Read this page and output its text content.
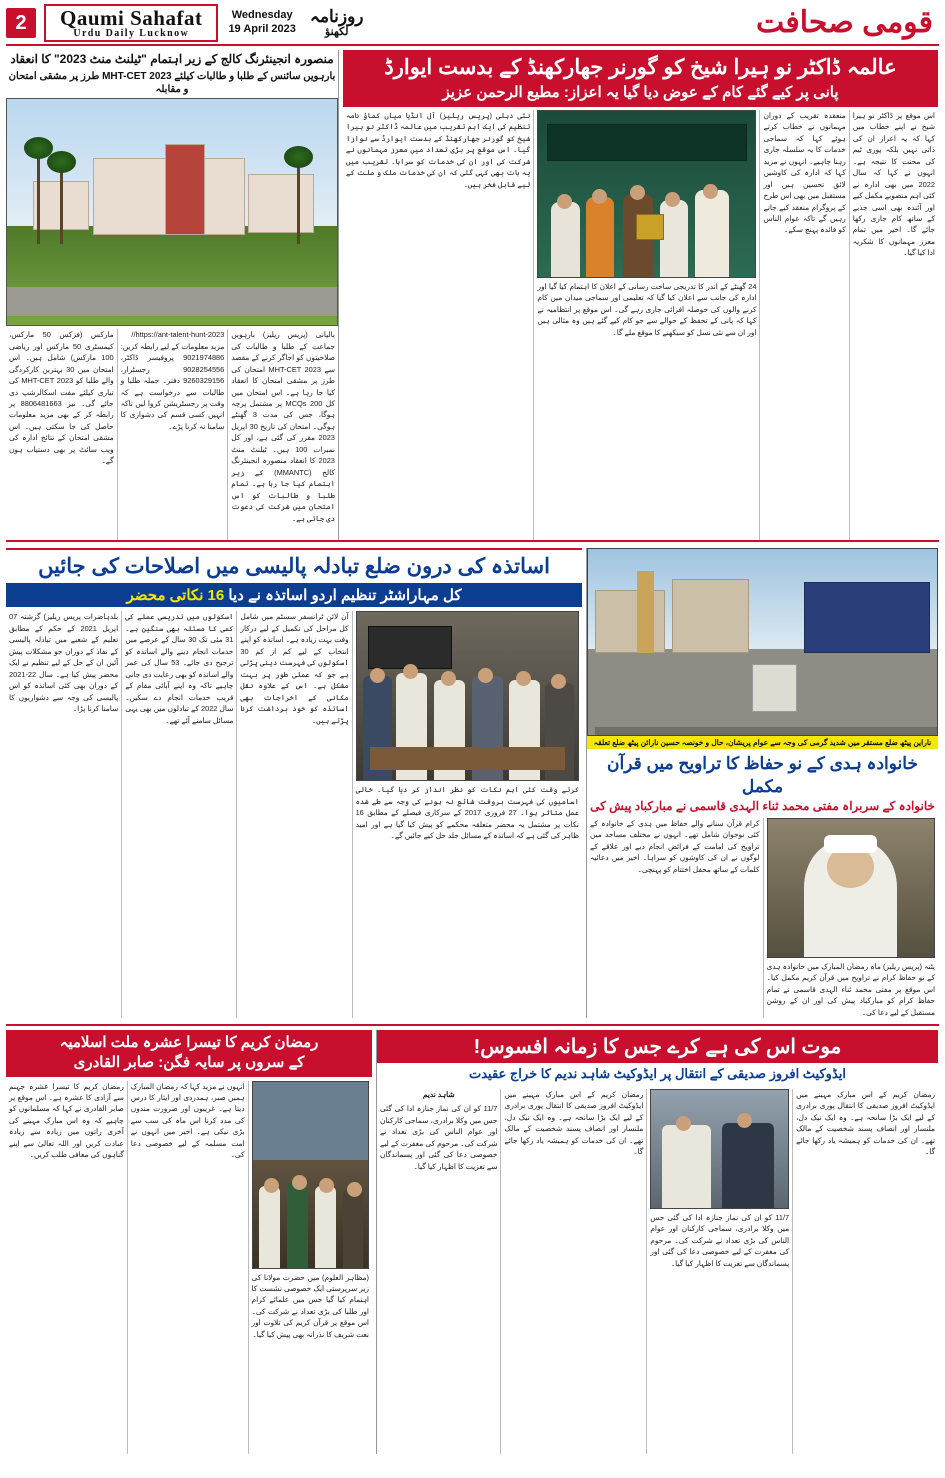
2	Qaumi Sahafat
Urdu Daily Lucknow
Wednesday
19 April 2023
روزنامہ
لکھنؤ	قومی صحافت
منصورہ انجینئرنگ کالج کے زیر اہتمام "ٹیلنٹ منٹ 2023" کا انعقاد
بارہویں سائنس کے طلبا و طالبات کیلئے MHT-CET 2023 طرز پر مشقی امتحان و مقابلہ
مارکس (فزکس 50 مارکس، کیمسٹری 50 مارکس اور ریاضی 100 مارکس) شامل ہیں۔ اس امتحان میں 30 بہترین کارکردگی والے طلبا کو MHT-CET 2023 کی تیاری کیلئے مفت اسکالرشپ دی جائے گی۔ نیز 8806481663 پر رابطہ کر کے بھی مزید معلومات حاصل کی جا سکتی ہیں۔ اس مشقی امتحان کے نتائج ادارہ کی ویب سائٹ پر بھی دستیاب ہوں گے۔
https://ant-talent-hunt-2023// مزید معلومات کے لیے رابطہ کریں: 9021974886 پروفیسر ڈاکٹر، 9028254556 رجسٹرار، 9260329156 دفتر۔ جملہ طلبا و طالبات سے درخواست ہے کہ وقت پر رجسٹریشن کروا لیں تاکہ انہیں کسی قسم کی دشواری کا سامنا نہ کرنا پڑے۔
بالیانی (پریس ریلیز) بارہویں جماعت کے طلبا و طالبات کی صلاحیتوں کو اجاگر کرنے کے مقصد سے MHT-CET 2023 امتحان کی طرز پر مشقی امتحان کا انعقاد کیا جا رہا ہے۔ اس امتحان میں کل 200 MCQs پر مشتمل پرچہ ہوگا، جس کی مدت 3 گھنٹے ہوگی۔ امتحان کی تاریخ 30 اپریل 2023 مقرر کی گئی ہے، اور کل نمبرات 100 ہیں۔ ٹیلنٹ منٹ 2023 کا انعقاد منصورہ انجینئرنگ کالج (MMANTC) کے زیر اہتمام کیا جا رہا ہے۔ تمام طلبا و طالبات کو اس امتحان میں شرکت کی دعوت دی جاتی ہے۔
عالمہ ڈاکٹر نو ہیرا شیخ کو گورنر جھارکھنڈ کے بدست ایوارڈ
پانی پر کیے گئے کام کے عوض دیا گیا یہ اعزاز: مطیع الرحمن عزیز
نئی دہلی (پریس ریلیز) آل انڈیا میاں کماؤ نامہ تنظیم کی ایک اہم تقریب میں عالمہ ڈاکٹر نو ہیرا شیخ کو گورنر جھارکھنڈ کے بدست ایوارڈ سے نوازا گیا۔ اس موقع پر بڑی تعداد میں معزز مہمانوں نے شرکت کی اور ان کی خدمات کو سراہا۔ تقریب میں یہ بات بھی کہی گئی کہ ان کی خدمات ملک و ملت کے لیے قابل فخر ہیں۔
24 گھنٹے کے اندر کا تدریجی ساخت رسانی کے اعلان کا اہتمام کیا گیا اور ادارہ کی جانب سے اعلان کیا گیا کہ تعلیمی اور سماجی میدان میں کام کرنے والوں کی حوصلہ افزائی جاری رہے گی۔ اس موقع پر انتظامیہ نے کہا کہ پانی کے تحفظ کے حوالے سے جو کام کیے گئے ہیں وہ مثالی ہیں اور ان سے نئی نسل کو سیکھنے کا موقع ملے گا۔
منعقدہ تقریب کے دوران مہمانوں نے خطاب کرتے ہوئے کہا کہ سماجی خدمات کا یہ سلسلہ جاری رہنا چاہیے۔ انہوں نے مزید کہا کہ ادارہ کی کاوشیں لائق تحسین ہیں اور مستقبل میں بھی اس طرح کے پروگرام منعقد کیے جاتے رہیں گے تاکہ عوام الناس کو فائدہ پہنچ سکے۔
اس موقع پر ڈاکٹر نو ہیرا شیخ نے اپنے خطاب میں کہا کہ یہ اعزاز ان کی ذاتی نہیں بلکہ پوری ٹیم کی محنت کا نتیجہ ہے۔ انہوں نے کہا کہ سال 2022 میں بھی ادارہ نے کئی اہم منصوبے مکمل کیے اور آئندہ بھی اسی جذبے کے ساتھ کام جاری رکھا جائے گا۔ اخیر میں تمام معزز مہمانوں کا شکریہ ادا کیا گیا۔
اساتذہ کی درون ضلع تبادلہ پالیسی میں اصلاحات کی جائیں
کل مہاراشٹر تنظیم اردو اساتذہ نے دیا 16 نکاتی محضر
بلدہاضرات پریس ریلیز) گزشتہ 07 اپریل 2021 کے حکم کے مطابق تعلیم کے شعبے میں تبادلہ پالیسی کے نفاذ کے دوران جو مشکلات پیش آئیں ان کے حل کے لیے تنظیم نے ایک محضر پیش کیا ہے۔ سال 22-2021 کے دوران بھی کئی اساتذہ کو اس پالیسی کی وجہ سے دشواریوں کا سامنا کرنا پڑا۔
اسکولوں میں تدریسی عملے کی کمی کا مسئلہ بھی سنگین ہے۔ 31 مئی تک 30 سال کے عرصے میں خدمات انجام دینے والے اساتذہ کو ترجیح دی جائے۔ 53 سال کی عمر والے اساتذہ کو بھی رعایت دی جانی چاہیے تاکہ وہ اپنے آبائی مقام کے قریب خدمات انجام دے سکیں۔ سال 2022 کے تبادلوں میں بھی یہی مسائل سامنے آئے تھے۔
آن لائن ٹرانسفر سسٹم میں شامل کل مراحل کی تکمیل کے لیے درکار وقت بہت زیادہ ہے۔ اساتذہ کو اپنے انتخاب کے لیے کم از کم 30 اسکولوں کی فہرست دینی پڑتی ہے جو کہ عملی طور پر بہت مشکل ہے۔ اس کے علاوہ نقل مکانی کے اخراجات بھی اساتذہ کو خود برداشت کرنا پڑتے ہیں۔
کرتے وقت کئی اہم نکات کو نظر انداز کر دیا گیا۔ خالی اسامیوں کی فہرست بروقت شائع نہ ہونے کی وجہ سے طے شدہ عمل متاثر ہوا۔ 27 فروری 2017 کے سرکاری فیصلے کے مطابق 16 نکات پر مشتمل یہ محضر متعلقہ محکمے کو پیش کیا گیا ہے اور امید ظاہر کی گئی ہے کہ اساتذہ کے مسائل جلد حل کیے جائیں گے۔
ناراین پیٹھ ضلع مستقر میں شدید گرمی کی وجہ سے عوام پریشان، حال و خونصہ حسین نارائن پیٹھ ضلع تعلقہ
خانوادہ ہدی کے نو حفاظ کا تراویح میں قرآن مکمل
خانوادہ کے سربراہ مفتی محمد ثناء الہدی قاسمی نے مبارکباد پیش کی
کرام قرآن سنانے والے حفاظ میں ہدی کے خانوادہ کے کئی نوجوان شامل تھے۔ انہوں نے مختلف مساجد میں تراویح کی امامت کے فرائض انجام دیے اور علاقے کے لوگوں نے ان کی کاوشوں کو سراہا۔ اخیر میں دعائیہ کلمات کے ساتھ محفل اختتام کو پہنچی۔
پٹنہ (پریس ریلیز) ماہ رمضان المبارک میں خانوادہ ہدی کے نو حفاظ کرام نے تراویح میں قرآن کریم مکمل کیا۔ اس موقع پر مفتی محمد ثناء الہدی قاسمی نے تمام حفاظ کرام کو مبارکباد پیش کی اور ان کے روشن مستقبل کے لیے دعا کی۔
رمضان کریم کا تیسرا عشرہ ملت اسلامیہ
کے سروں پر سایہ فگن: صابر القادری
رمضان کریم کا تیسرا عشرہ جہنم سے آزادی کا عشرہ ہے۔ اس موقع پر صابر القادری نے کہا کہ مسلمانوں کو چاہیے کہ وہ اس مبارک مہینے کی آخری راتوں میں زیادہ سے زیادہ عبادت کریں اور اللہ تعالیٰ سے اپنے گناہوں کی معافی طلب کریں۔
انہوں نے مزید کہا کہ رمضان المبارک ہمیں صبر، ہمدردی اور ایثار کا درس دیتا ہے۔ غریبوں اور ضرورت مندوں کی مدد کرنا اس ماہ کی سب سے بڑی نیکی ہے۔ اخیر میں انہوں نے امت مسلمہ کے لیے خصوصی دعا کی۔
(مظاہر العلوم) میں حضرت مولانا کی زیر سرپرستی ایک خصوصی نشست کا اہتمام کیا گیا جس میں علمائے کرام اور طلبا کی بڑی تعداد نے شرکت کی۔ اس موقع پر قرآن کریم کی تلاوت اور نعت شریف کا نذرانہ بھی پیش کیا گیا۔
موت اس کی ہے کرے جس کا زمانہ افسوس!
ایڈوکیٹ افروز صدیقی کے انتقال پر ایڈوکیٹ شاہد ندیم کا خراج عقیدت
شاہد ندیم
11/7 کو ان کی نماز جنازہ ادا کی گئی جس میں وکلا برادری، سماجی کارکنان اور عوام الناس کی بڑی تعداد نے شرکت کی۔ مرحوم کی مغفرت کے لیے خصوصی دعا کی گئی اور پسماندگان سے تعزیت کا اظہار کیا گیا۔
رمضان کریم کے اس مبارک مہینے میں ایڈوکیٹ افروز صدیقی کا انتقال پوری برادری کے لیے ایک بڑا سانحہ ہے۔ وہ ایک نیک دل، ملنسار اور انصاف پسند شخصیت کے مالک تھے۔ ان کی خدمات کو ہمیشہ یاد رکھا جائے گا۔
11/7 کو ان کی نماز جنازہ ادا کی گئی جس میں وکلا برادری، سماجی کارکنان اور عوام الناس کی بڑی تعداد نے شرکت کی۔ مرحوم کی مغفرت کے لیے خصوصی دعا کی گئی اور پسماندگان سے تعزیت کا اظہار کیا گیا۔
رمضان کریم کے اس مبارک مہینے میں ایڈوکیٹ افروز صدیقی کا انتقال پوری برادری کے لیے ایک بڑا سانحہ ہے۔ وہ ایک نیک دل، ملنسار اور انصاف پسند شخصیت کے مالک تھے۔ ان کی خدمات کو ہمیشہ یاد رکھا جائے گا۔
